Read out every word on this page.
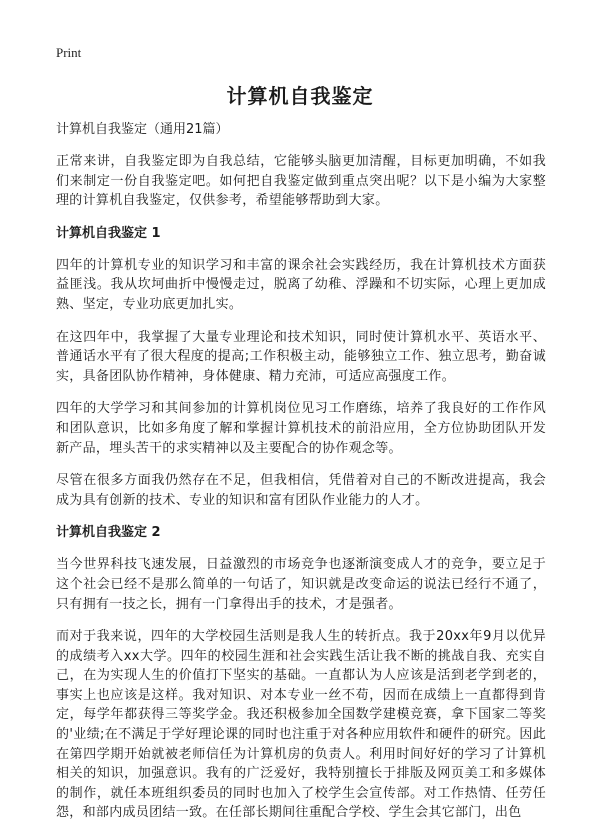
Print
计算机自我鉴定
计算机自我鉴定（通用21篇）

正常来讲，自我鉴定即为自我总结，它能够头脑更加清醒，目标更加明确，不如我们来制定一份自我鉴定吧。如何把自我鉴定做到重点突出呢？以下是小编为大家整理的计算机自我鉴定，仅供参考，希望能够帮助到大家。

计算机自我鉴定 1

四年的计算机专业的知识学习和丰富的课余社会实践经历，我在计算机技术方面获益匪浅。我从坎坷曲折中慢慢走过，脱离了幼稚、浮躁和不切实际，心理上更加成熟、坚定，专业功底更加扎实。

在这四年中，我掌握了大量专业理论和技术知识，同时使计算机水平、英语水平、普通话水平有了很大程度的提高;工作积极主动，能够独立工作、独立思考，勤奋诚实，具备团队协作精神，身体健康、精力充沛，可适应高强度工作。

四年的大学学习和其间参加的计算机岗位见习工作磨练，培养了我良好的工作作风和团队意识，比如多角度了解和掌握计算机技术的前沿应用，全方位协助团队开发新产品，埋头苦干的求实精神以及主要配合的协作观念等。

尽管在很多方面我仍然存在不足，但我相信，凭借着对自己的不断改进提高，我会成为具有创新的技术、专业的知识和富有团队作业能力的人才。

计算机自我鉴定 2

当今世界科技飞速发展，日益激烈的市场竞争也逐渐演变成人才的竞争，要立足于这个社会已经不是那么简单的一句话了，知识就是改变命运的说法已经行不通了，只有拥有一技之长，拥有一门拿得出手的技术，才是强者。

而对于我来说，四年的大学校园生活则是我人生的转折点。我于20xx年9月以优异的成绩考入xx大学。四年的校园生涯和社会实践生活让我不断的挑战自我、充实自己，在为实现人生的价值打下坚实的基础。一直都认为人应该是活到老学到老的，事实上也应该是这样。我对知识、对本专业一丝不苟，因而在成绩上一直都得到肯定，每学年都获得三等奖学金。我还积极参加全国数学建模竞赛，拿下国家二等奖的'业绩;在不满足于学好理论课的同时也注重于对各种应用软件和硬件的研究。因此在第四学期开始就被老师信任为计算机房的负责人。利用时间好好的学习了计算机相关的知识，加强意识。我有的广泛爱好，我特别擅长于排版及网页美工和多媒体的制作，就任本班组织委员的同时也加入了校学生会宣传部。对工作热情、任劳任怨，和部内成员团结一致。在任部长期间往重配合学校、学生会其它部门，出色
